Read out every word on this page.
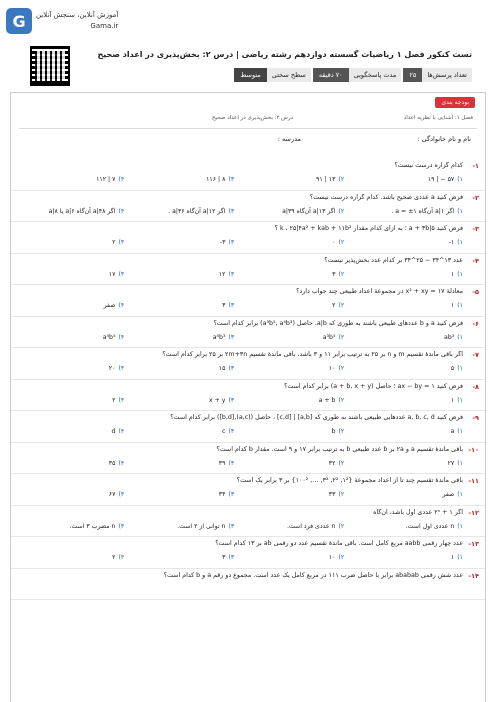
G	آموزش آنلاین، سنجش آنلاین
Gama.ir
تست کنکور فصل ۱ ریاضیات گسسته دوازدهم رشته ریاضی | درس ۲: بخش‌پذیری در اعداد صحیح
تعداد پرسش‌ها
۲۵
مدت پاسخگویی
۷۰ دقیقه
سطح سختی
متوسط
بودجه بندی
فصل ۱: آشنایی با نظریه اعداد
درس ۲: بخش‌پذیری در اعداد صحیح
نام و نام خانوادگی :
مدرسه :
۱-
کدام گزاره درست نیست؟
۱)
۵۷ − | ۱۹
۲)
۱۳ | ۹۱
۳)
۸ | ۱۱۶
۴)
۷ | ۱۱۲
۲-
فرض کنید a عددی صحیح باشد. کدام گزاره درست نیست؟
۱)
اگر a|۱ آن‌گاه a = ±۱ .
۲)
اگر a|۱۳ آن‌گاه a|۳۹
۳)
اگر a|۱۲ آن‌گاه a|۳۶ .
۴)
اگر a|۴۸ آن‌گاه a|۶ یا a|۸
۳-
فرض کنید ۵|a + ۳b ؛ به ازای کدام مقدار k ، ۲۵|۴a² + kab + ۱۱b² ؟
۱)
۱-
۲)
۰
۳)
۳-
۴)
۲
۴-
عدد ۱۳^۳۴ − ۲۵^۳۴ بر کدام عدد بخش‌پذیر نیست؟
۱)
۱
۲)
۳
۳)
۱۲
۴)
۱۷
۵-
معادلهٔ x² + xy = ۱۷ در مجموعهٔ اعداد طبیعی چند جواب دارد؟
۱)
۱
۲)
۲
۳)
۳
۴)
صفر
۶-
فرض کنید a و b عددهای طبیعی باشند به طوری که a|b. حاصل (a³b⁵, a⁴b³) برابر کدام است؟
۱)
ab³
۲)
a³b⁵
۳)
a⁴b³
۴)
a⁴b⁵
۷-
اگر باقی ماندهٔ تقسیم m و n بر ۲۵ به ترتیب برابر ۱۱ و ۳ باشد، باقی ماندهٔ تقسیم ۲m+۳n بر ۲۵ برابر کدام است؟
۱)
۵
۲)
۱۰
۳)
۱۵
۴)
۲۰
۸-
فرض کنید ax − by = ۱ ؛ حاصل (a + b, x + y) برابر کدام است؟
۱)
۱
۲)
a + b
۳)
x + y
۴)
۲
۹-
فرض کنید a, b, c, d عددهایی طبیعی باشند به طوری که [a,b] | [c,d] ، حاصل ((a,c),[b,d]) برابر کدام است؟
۱)
a
۲)
b
۳)
c
۴)
d
۱۰-
باقی ماندهٔ تقسیم a و ۲a بر b عدد طبیعی b به ترتیب برابر ۱۷ و ۹ است. مقدار b کدام است؟
۱)
۲۷
۲)
۳۲
۳)
۳۹
۴)
۳۵
۱۱-
باقی ماندهٔ تقسیم چند تا از اعداد مجموعهٔ {۱², ۲², ۳², …, ۱۰۰²} بر ۳ برابر یک است؟
۱)
صفر
۲)
۳۳
۳)
۳۴
۴)
۶۷
۱۲-
اگر ۲ⁿ + ۱ عددی اول باشد، آن‌گاه
۱)
n عددی اول است.
۲)
n عددی فرد است.
۳)
n توانی از ۲ است.
۴)
n مضرب ۳ است.
۱۳-
عدد چهار رقمی aabb مربع کامل است. باقی ماندهٔ تقسیم عدد دو رقمی ab بر ۱۳ کدام است؟
۱)
۱
۲)
۱۰
۳)
۳
۴)
۲
۱۴-
عدد شش رقمی ababab برابر با حاصل ضرب ۱۱۱ در مربع کامل یک عدد است. مجموع دو رقم a و b کدام است؟
